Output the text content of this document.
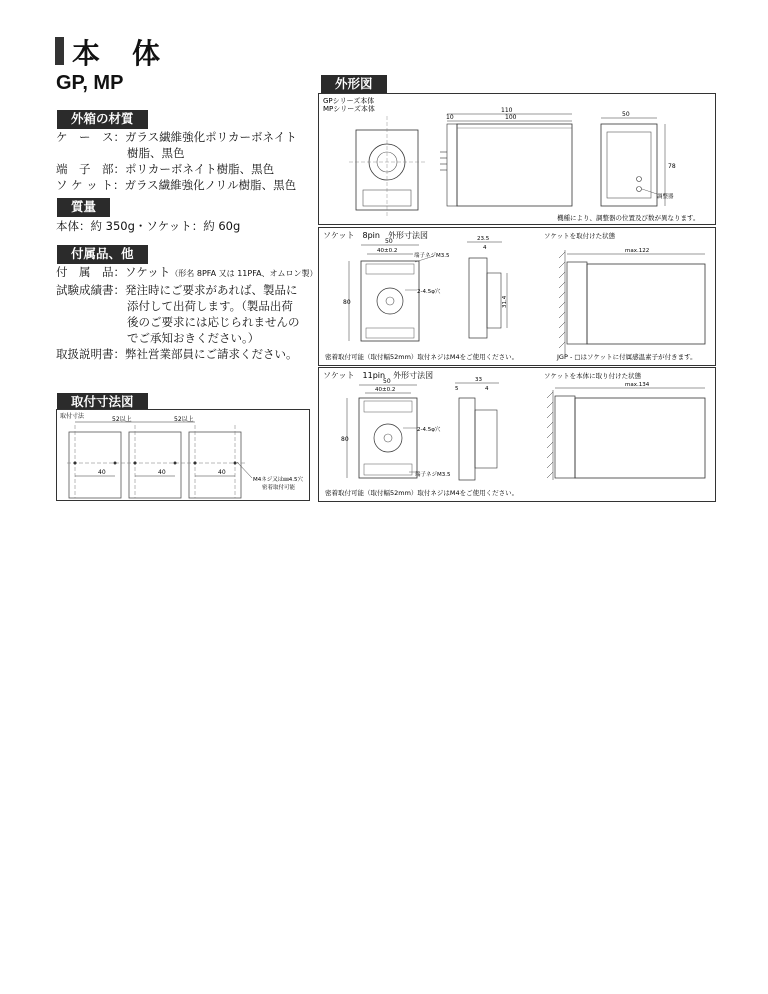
本　体
GP, MP
外箱の材質
ケ　ー　ス：ガラス繊維強化ポリカーボネイト
樹脂、黒色
端　子　部：ポリカーボネイト樹脂、黒色
ソ ケ ッ ト：ガラス繊維強化ノリル樹脂、黒色
質量
本体：約 350g・ソケット：約 60g
付属品、他
付　属　品：ソケット（形名 8PFA 又は 11PFA、オムロン製）
試験成績書：発注時にご要求があれば、製品に
添付して出荷します。（製品出荷
後のご要求には応じられませんの
でご承知おきください。）
取扱説明書：弊社営業部員にご請求ください。
取付寸法図
取付寸法	52以上	52以上
40	40	40
M4ネジ又は㎜4.5穴
密着取付可能
外形図
GPシリーズ本体
MPシリーズ本体	110
10	100	50
78
調整器
機種により、調整器の位置及び数が異なります。
ソケット　8pin　外形寸法図	ソケットを取付けた状態
50
40±0.2
80
端子ネジM3.5
2-4.5φ穴
23.5
4
31.4
max.122
密着取付可能（取付幅52mm）取付ネジはM4をご使用ください。	JGP - □はソケットに付属感温素子が付きます。
ソケット　11pin　外形寸法図	ソケットを本体に取り付けた状態
50
40±0.2
80
2-4.5φ穴
端子ネジM3.5
33
5	4
max.134
密着取付可能（取付幅52mm）取付ネジはM4をご使用ください。
